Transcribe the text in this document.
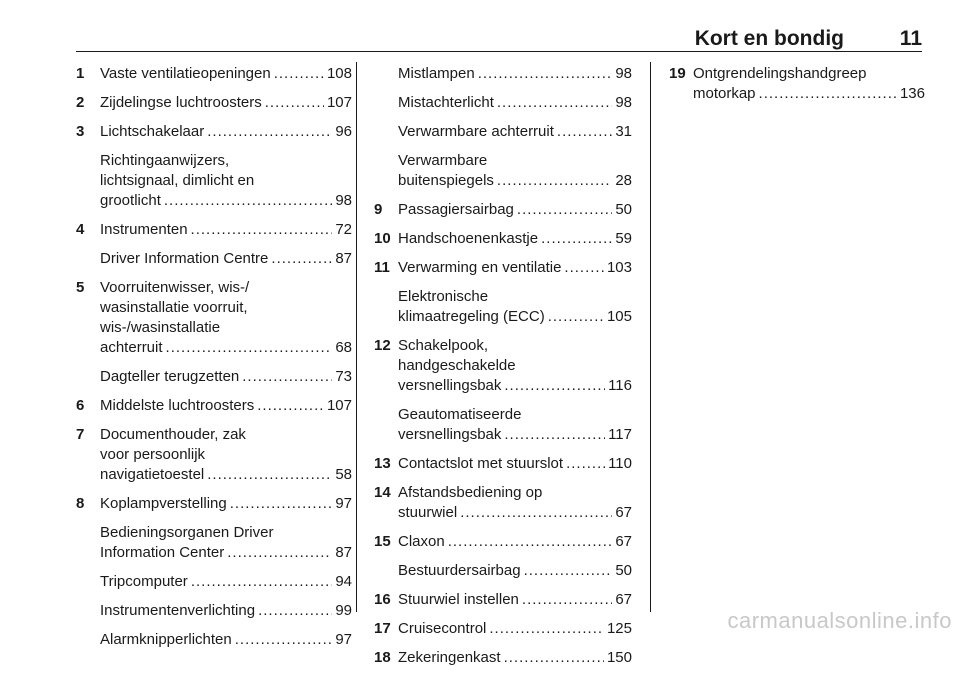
Kort en bondig	11
1 Vaste ventilatieopeningen .....	108
2 Zijdelingse luchtroosters .....	107
3 Lichtschakelaar .....	96
Richtingaanwijzers,
lichtsignaal, dimlicht en
grootlicht .....	98
4 Instrumenten .....	72
Driver Information Centre .....	87
5 Voorruitenwisser, wis-/
wasinstallatie voorruit,
wis-/wasinstallatie
achterruit .....	68
Dagteller terugzetten .....	73
6 Middelste luchtroosters .....	107
7 Documenthouder, zak
voor persoonlijk
navigatietoestel .....	58
8 Koplampverstelling .....	97
Bedieningsorganen Driver
Information Center .....	87
Tripcomputer .....	94
Instrumentenverlichting .....	99
Alarmknipperlichten .....	97
Mistlampen .....	98
Mistachterlicht .....	98
Verwarmbare achterruit .....	31
Verwarmbare
buitenspiegels .....	28
9 Passagiersairbag .....	50
10 Handschoenenkastje .....	59
11 Verwarming en ventilatie .....	103
Elektronische
klimaatregeling (ECC) .....	105
12 Schakelpook,
handgeschakelde
versnellingsbak .....	116
Geautomatiseerde
versnellingsbak .....	117
13 Contactslot met stuurslot .....	110
14 Afstandsbediening op
stuurwiel .....	67
15 Claxon .....	67
Bestuurdersairbag .....	50
16 Stuurwiel instellen .....	67
17 Cruisecontrol .....	125
18 Zekeringenkast .....	150
19 Ontgrendelingshandgreep
motorkap .....	136
carmanualsonline.info
